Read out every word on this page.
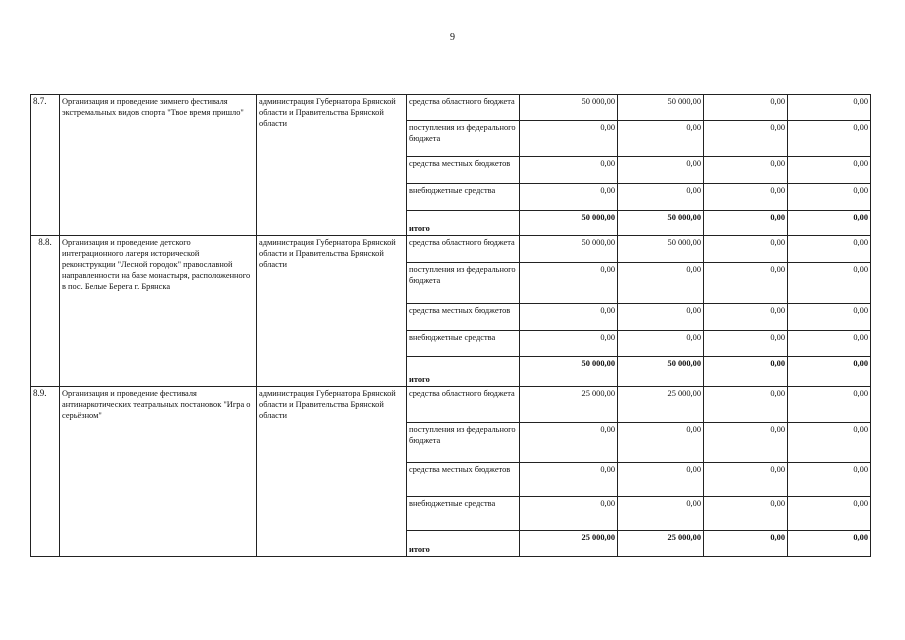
9
8.7.	Организация и проведение зимнего фестиваля экстремальных видов спорта "Твое время пришло"	администрация Губернатора Брянской области и Правительства Брянской области	средства областного бюджета	50 000,00	50 000,00	0,00	0,00
			поступления из федерального бюджета	0,00	0,00	0,00	0,00
			средства местных бюджетов	0,00	0,00	0,00	0,00
			внебюджетные средства	0,00	0,00	0,00	0,00
			итого	50 000,00	50 000,00	0,00	0,00
8.8.	Организация и проведение детского интеграционного лагеря исторической реконструкции "Лесной городок" православной направленности на базе монастыря, расположенного в пос. Белые Берега г. Брянска	администрация Губернатора Брянской области и Правительства Брянской области	средства областного бюджета	50 000,00	50 000,00	0,00	0,00
			поступления из федерального бюджета	0,00	0,00	0,00	0,00
			средства местных бюджетов	0,00	0,00	0,00	0,00
			внебюджетные средства	0,00	0,00	0,00	0,00
			итого	50 000,00	50 000,00	0,00	0,00
8.9.	Организация и проведение фестиваля антинаркотических театральных постановок "Игра о серьёзном"	администрация Губернатора Брянской области и Правительства Брянской области	средства областного бюджета	25 000,00	25 000,00	0,00	0,00
			поступления из федерального бюджета	0,00	0,00	0,00	0,00
			средства местных бюджетов	0,00	0,00	0,00	0,00
			внебюджетные средства	0,00	0,00	0,00	0,00
			итого	25 000,00	25 000,00	0,00	0,00
